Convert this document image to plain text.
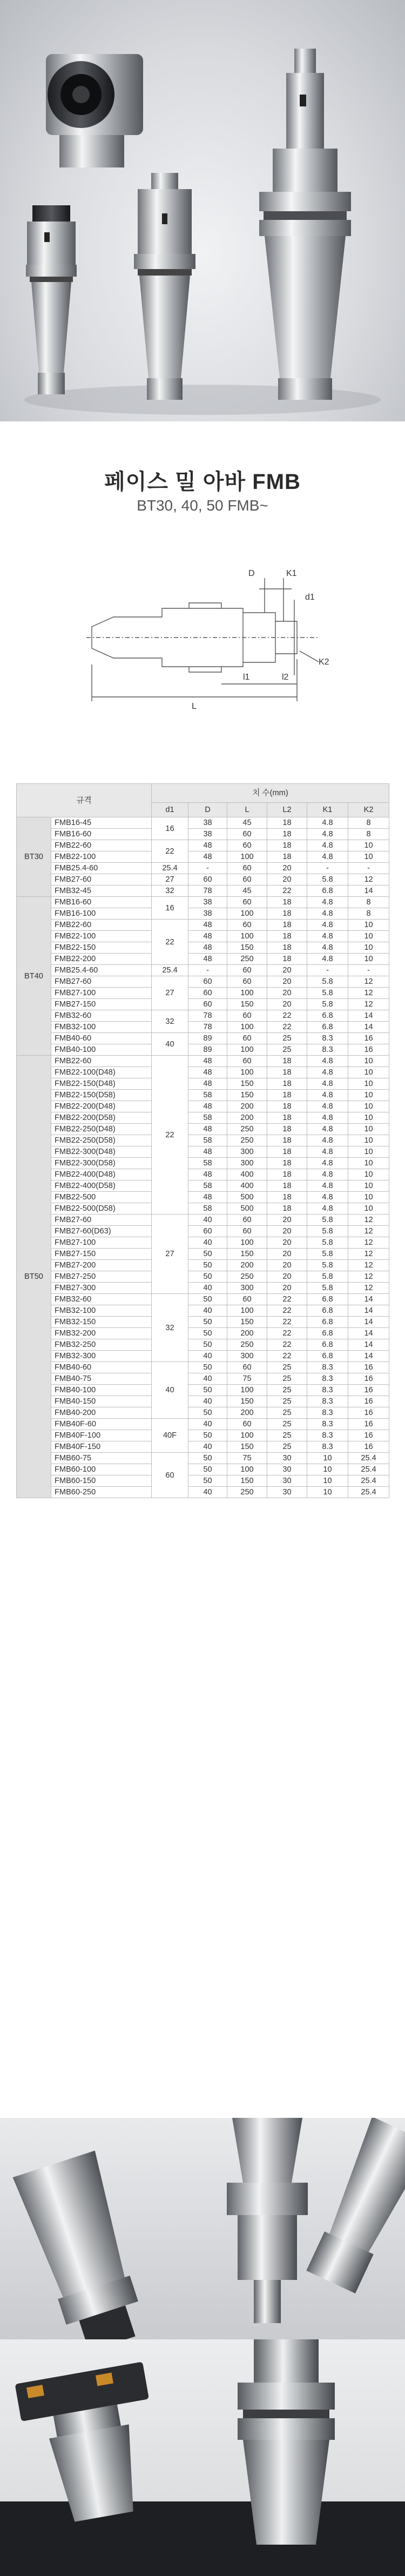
페이스 밀 아바 FMB
BT30, 40, 50 FMB~
D	K1
d1
l1	l2
K2
L
규격		치 수(mm)					
		d1	D	L	L2	K1	K2
BT30	FMB16-45	16	38	45	18	4.8	8
	FMB16-60		38	60	18	4.8	8
	FMB22-60	22	48	60	18	4.8	10
	FMB22-100		48	100	18	4.8	10
	FMB25.4-60	25.4	-	60	20	-	-
	FMB27-60	27	60	60	20	5.8	12
	FMB32-45	32	78	45	22	6.8	14
BT40	FMB16-60	16	38	60	18	4.8	8
	FMB16-100		38	100	18	4.8	8
	FMB22-60	22	48	60	18	4.8	10
	FMB22-100		48	100	18	4.8	10
	FMB22-150		48	150	18	4.8	10
	FMB22-200		48	250	18	4.8	10
	FMB25.4-60	25.4	-	60	20	-	-
	FMB27-60	27	60	60	20	5.8	12
	FMB27-100		60	100	20	5.8	12
	FMB27-150		60	150	20	5.8	12
	FMB32-60	32	78	60	22	6.8	14
	FMB32-100		78	100	22	6.8	14
	FMB40-60	40	89	60	25	8.3	16
	FMB40-100		89	100	25	8.3	16
BT50	FMB22-60	22	48	60	18	4.8	10
	FMB22-100(D48)		48	100	18	4.8	10
	FMB22-150(D48)		48	150	18	4.8	10
	FMB22-150(D58)		58	150	18	4.8	10
	FMB22-200(D48)		48	200	18	4.8	10
	FMB22-200(D58)		58	200	18	4.8	10
	FMB22-250(D48)		48	250	18	4.8	10
	FMB22-250(D58)		58	250	18	4.8	10
	FMB22-300(D48)		48	300	18	4.8	10
	FMB22-300(D58)		58	300	18	4.8	10
	FMB22-400(D48)		48	400	18	4.8	10
	FMB22-400(D58)		58	400	18	4.8	10
	FMB22-500		48	500	18	4.8	10
	FMB22-500(D58)		58	500	18	4.8	10
	FMB27-60	27	40	60	20	5.8	12
	FMB27-60(D63)		60	60	20	5.8	12
	FMB27-100		40	100	20	5.8	12
	FMB27-150		50	150	20	5.8	12
	FMB27-200		50	200	20	5.8	12
	FMB27-250		50	250	20	5.8	12
	FMB27-300		40	300	20	5.8	12
	FMB32-60	32	50	60	22	6.8	14
	FMB32-100		40	100	22	6.8	14
	FMB32-150		50	150	22	6.8	14
	FMB32-200		50	200	22	6.8	14
	FMB32-250		50	250	22	6.8	14
	FMB32-300		40	300	22	6.8	14
	FMB40-60	40	50	60	25	8.3	16
	FMB40-75		40	75	25	8.3	16
	FMB40-100		50	100	25	8.3	16
	FMB40-150		40	150	25	8.3	16
	FMB40-200		50	200	25	8.3	16
	FMB40F-60	40F	40	60	25	8.3	16
	FMB40F-100		50	100	25	8.3	16
	FMB40F-150		40	150	25	8.3	16
	FMB60-75	60	50	75	30	10	25.4
	FMB60-100		50	100	30	10	25.4
	FMB60-150		50	150	30	10	25.4
	FMB60-250		40	250	30	10	25.4
